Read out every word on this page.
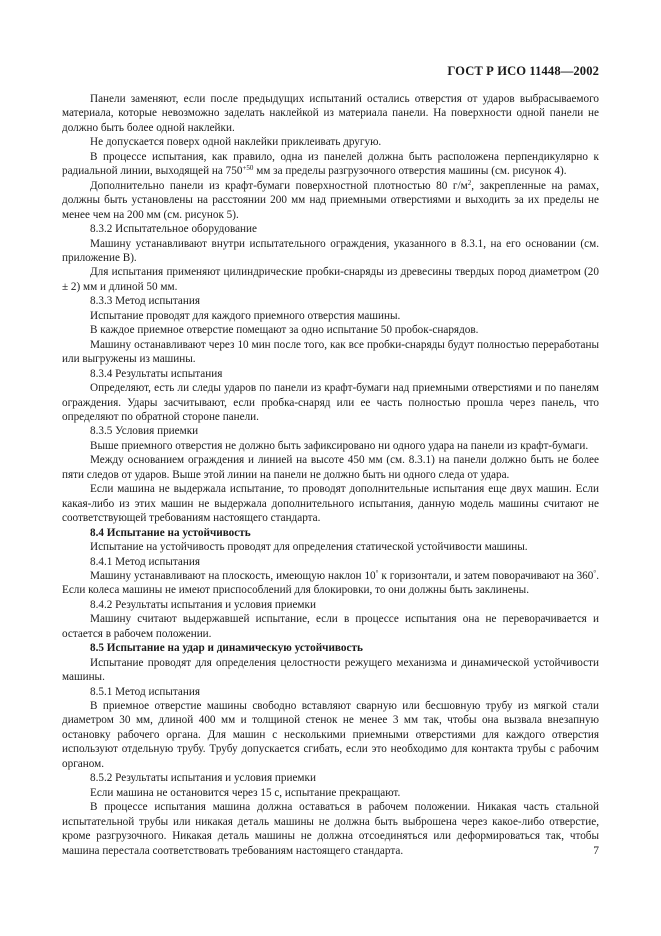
ГОСТ Р ИСО 11448—2002

Панели заменяют, если после предыдущих испытаний остались отверстия от ударов выбрасываемого материала, которые невозможно заделать наклейкой из материала панели. На поверхности одной панели не должно быть более одной наклейки.

Не допускается поверх одной наклейки приклеивать другую.

В процессе испытания, как правило, одна из панелей должна быть расположена перпендикулярно к радиальной линии, выходящей на $750^{+50}$ мм за пределы разгрузочного отверстия машины (см. рисунок 4).

Дополнительно панели из крафт-бумаги поверхностной плотностью 80 $г/м^2$, закрепленные на рамах, должны быть установлены на расстоянии 200 мм над приемными отверстиями и выходить за их пределы не менее чем на 200 мм (см. рисунок 5).

8.3.2 Испытательное оборудование

Машину устанавливают внутри испытательного ограждения, указанного в 8.3.1, на его основании (см. приложение В).

Для испытания применяют цилиндрические пробки-снаряды из древесины твердых пород диаметром (20 ± 2) мм и длиной 50 мм.

8.3.3 Метод испытания

Испытание проводят для каждого приемного отверстия машины.

В каждое приемное отверстие помещают за одно испытание 50 пробок-снарядов.

Машину останавливают через 10 мин после того, как все пробки-снаряды будут полностью переработаны или выгружены из машины.

8.3.4 Результаты испытания

Определяют, есть ли следы ударов по панели из крафт-бумаги над приемными отверстиями и по панелям ограждения. Удары засчитывают, если пробка-снаряд или ее часть полностью прошла через панель, что определяют по обратной стороне панели.

8.3.5 Условия приемки

Выше приемного отверстия не должно быть зафиксировано ни одного удара на панели из крафт-бумаги.

Между основанием ограждения и линией на высоте 450 мм (см. 8.3.1) на панели должно быть не более пяти следов от ударов. Выше этой линии на панели не должно быть ни одного следа от удара.

Если машина не выдержала испытание, то проводят дополнительные испытания еще двух машин. Если какая-либо из этих машин не выдержала дополнительного испытания, данную модель машины считают не соответствующей требованиям настоящего стандарта.

8.4 Испытание на устойчивость

Испытание на устойчивость проводят для определения статической устойчивости машины.

8.4.1 Метод испытания

Машину устанавливают на плоскость, имеющую наклон 10° к горизонтали, и затем поворачивают на 360°. Если колеса машины не имеют приспособлений для блокировки, то они должны быть заклинены.

8.4.2 Результаты испытания и условия приемки

Машину считают выдержавшей испытание, если в процессе испытания она не переворачивается и остается в рабочем положении.

8.5 Испытание на удар и динамическую устойчивость

Испытание проводят для определения целостности режущего механизма и динамической устойчивости машины.

8.5.1 Метод испытания

В приемное отверстие машины свободно вставляют сварную или бесшовную трубу из мягкой стали диаметром 30 мм, длиной 400 мм и толщиной стенок не менее 3 мм так, чтобы она вызвала внезапную остановку рабочего органа. Для машин с несколькими приемными отверстиями для каждого отверстия используют отдельную трубу. Трубу допускается сгибать, если это необходимо для контакта трубы с рабочим органом.

8.5.2 Результаты испытания и условия приемки

Если машина не остановится через 15 с, испытание прекращают.

В процессе испытания машина должна оставаться в рабочем положении. Никакая часть стальной испытательной трубы или никакая деталь машины не должна быть выброшена через какое-либо отверстие, кроме разгрузочного. Никакая деталь машины не должна отсоединяться или деформироваться так, чтобы машина перестала соответствовать требованиям настоящего стандарта.	7
